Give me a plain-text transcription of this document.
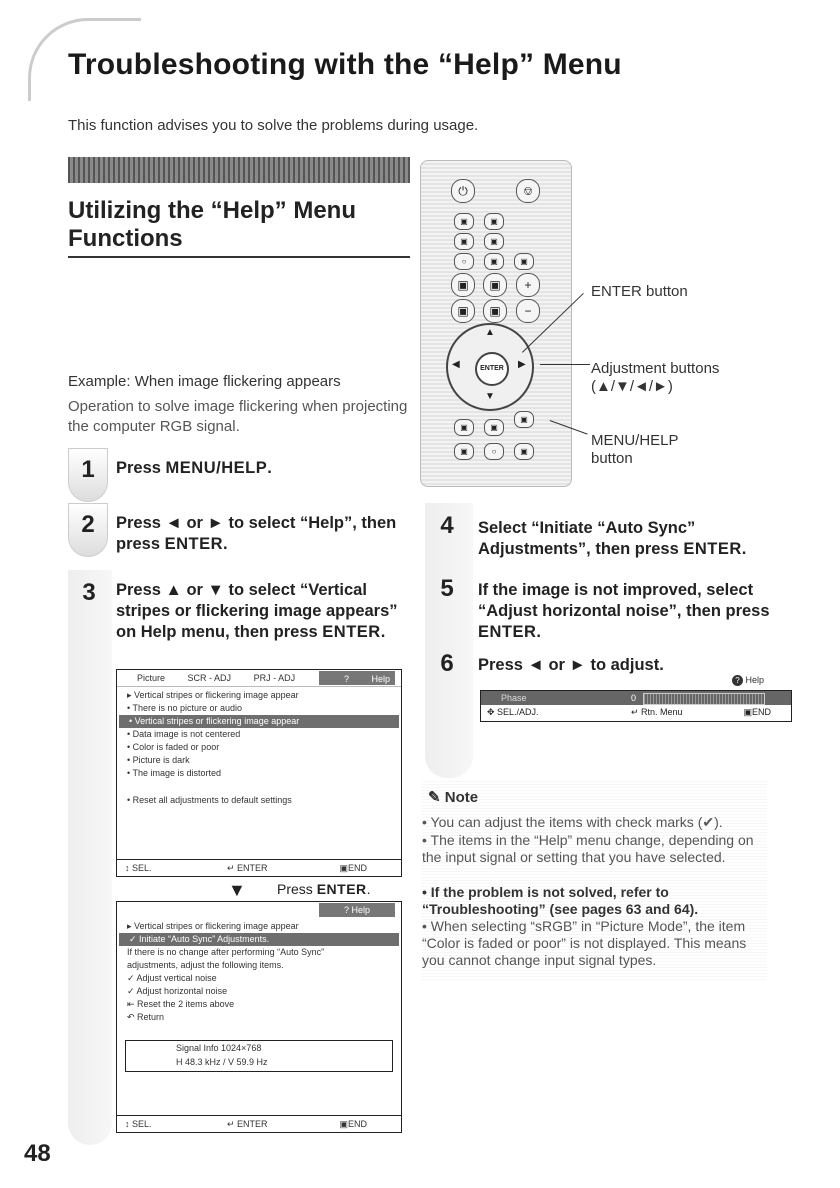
Troubleshooting with the “Help” Menu
This function advises you to solve the problems during usage.
Utilizing the “Help” Menu Functions
Example: When image flickering appears
Operation to solve image flickering when projecting the computer RGB signal.
1	Press MENU/HELP.
2	Press ◄ or ► to select “Help”, then press ENTER.
3	Press ▲ or ▼ to select “Vertical stripes or flickering image appears” on Help menu, then press ENTER.
Picture	SCR - ADJ	PRJ - ADJ	?	Help
▸ Vertical stripes or flickering image appear
• There is no picture or audio
• Vertical stripes or flickering image appear
• Data image is not centered
• Color is faded or poor
• Picture is dark
• The image is distorted
• Reset all adjustments to default settings
↕ SEL.	↵ ENTER	▣END
▼ Press ENTER.
? Help
▸ Vertical stripes or flickering image appear
✓ Initiate “Auto Sync” Adjustments.
If there is no change after performing “Auto Sync”
adjustments, adjust the following items.
✓ Adjust vertical noise
✓ Adjust horizontal noise
⇤ Reset the 2 items above
↶ Return
Signal Info 1024×768
H 48.3 kHz / V 59.9 Hz
↕ SEL.	↵ ENTER	▣END
⏻	⎊
▣	▣
▣	▣
○	▣	▣
▣	▣	+
▣	▣	−
▲
▼
◀	▶
ENTER
▣	▣
▣
▣	○	▣
ENTER button
Adjustment buttons
(▲/▼/◄/►)
MENU/HELP
button
4	Select “Initiate “Auto Sync” Adjustments”, then press ENTER.
5	If the image is not improved, select “Adjust horizontal noise”, then press ENTER.
6	Press ◄ or ► to adjust.
? Help
Phase	0
✥ SEL./ADJ.	↵ Rtn. Menu	▣END
✎ Note
• You can adjust the items with check marks (✔).
• The items in the “Help” menu change, depending on the input signal or setting that you have selected.
• If the problem is not solved, refer to “Troubleshooting” (see pages 63 and 64).
• When selecting “sRGB” in “Picture Mode”, the item “Color is faded or poor” is not displayed. This means you cannot change input signal types.
48
